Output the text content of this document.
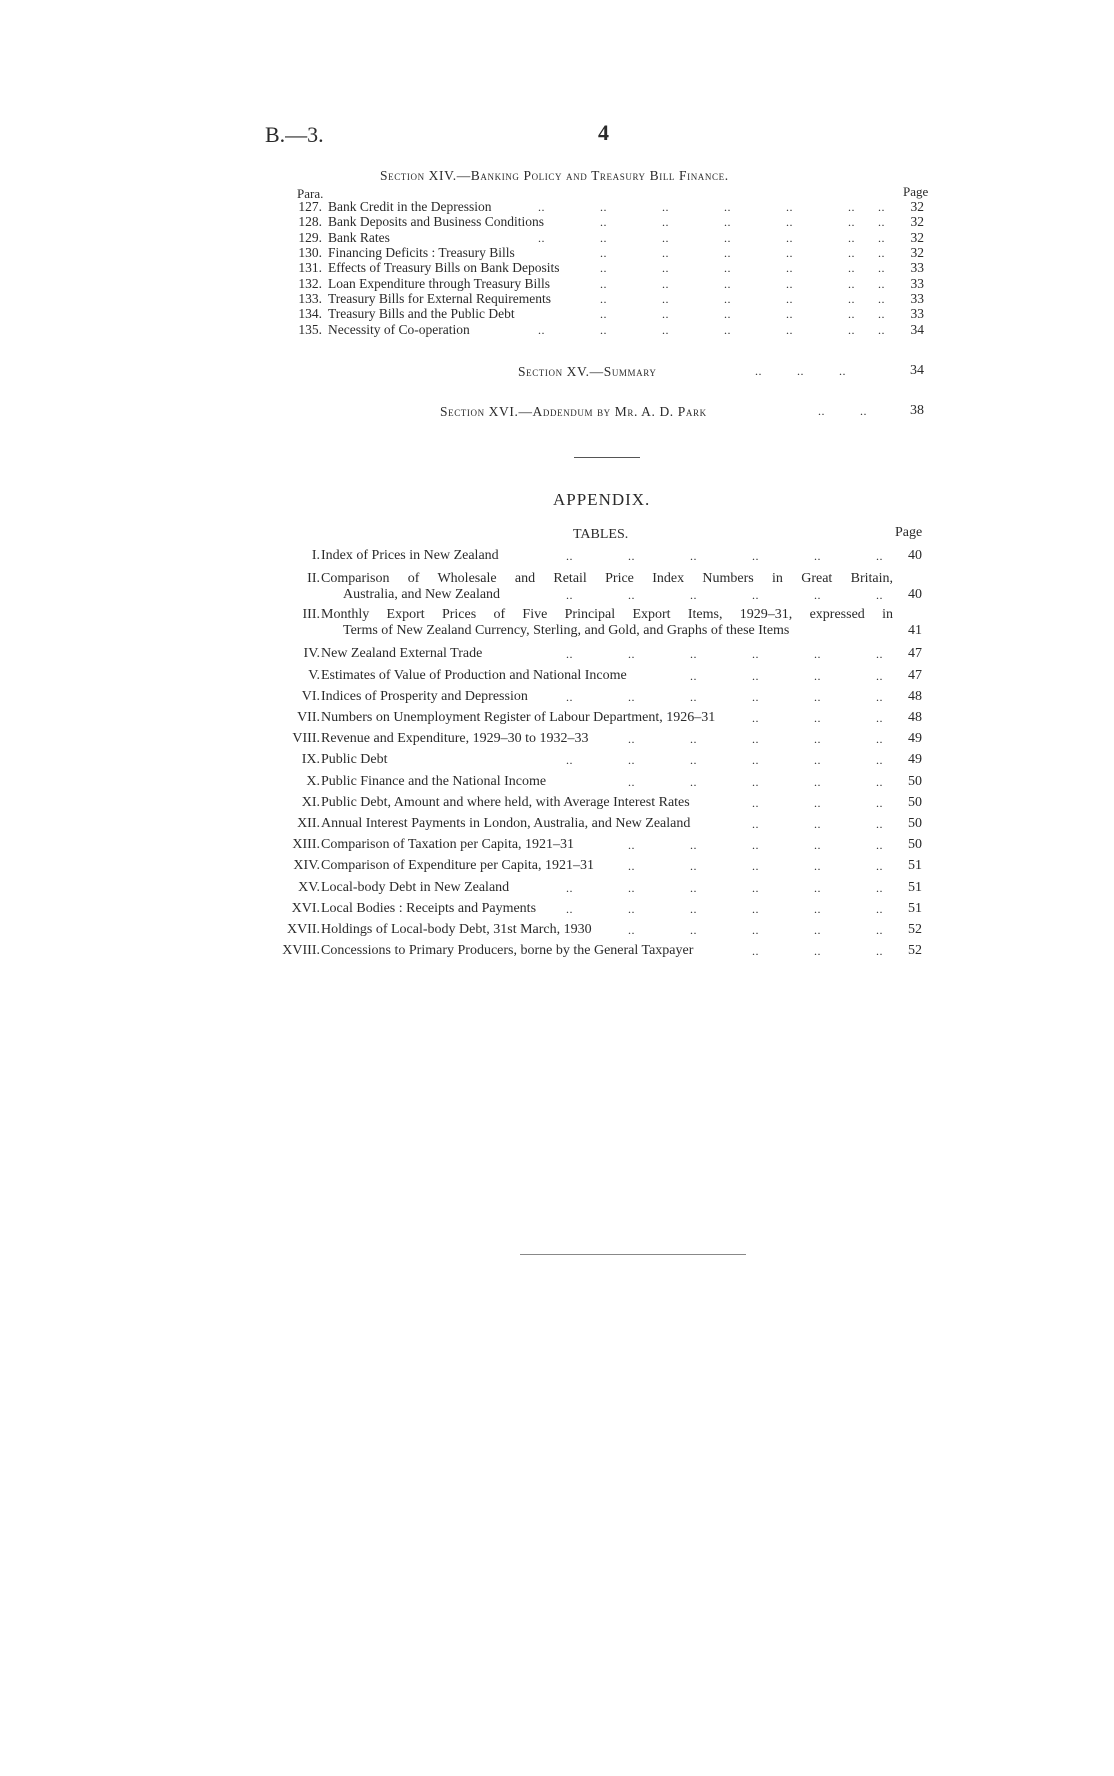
B.—3.	4
Section XIV.—Banking Policy and Treasury Bill Finance.
Para.	Page
127. Bank Credit in the Depression	..	..	..	..	..	.. ..	32
128. Bank Deposits and Business Conditions	..	..	..	..	.. ..	32
129. Bank Rates	..	..	..	..	..	.. ..	32
130. Financing Deficits : Treasury Bills	..	..	..	..	.. ..	32
131. Effects of Treasury Bills on Bank Deposits	..	..	..	..	.. ..	33
132. Loan Expenditure through Treasury Bills	..	..	..	..	.. ..	33
133. Treasury Bills for External Requirements	..	..	..	..	.. ..	33
134. Treasury Bills and the Public Debt	..	..	..	..	.. ..	33
135. Necessity of Co-operation	..	..	..	..	..	.. ..	34
Section XV.—Summary	..          ..          ..	34
Section XVI.—Addendum by Mr. A. D. Park	..          ..	38
APPENDIX.
TABLES.	Page
I. Index of Prices in New Zealand	..	..	..	..	..	..	40
II. Comparison of Wholesale and Retail Price Index Numbers in Great Britain,
Australia, and New Zealand	..	..	..	..	..	..	40
III. Monthly Export Prices of Five Principal Export Items, 1929–31, expressed in
Terms of New Zealand Currency, Sterling, and Gold, and Graphs of these Items	41
IV. New Zealand External Trade	..	..	..	..	..	..	47
V. Estimates of Value of Production and National Income	..	..	..	..	47
VI. Indices of Prosperity and Depression	..	..	..	..	..	..	48
VII. Numbers on Unemployment Register of Labour Department, 1926–31	..	..	..	48
VIII. Revenue and Expenditure, 1929–30 to 1932–33	..	..	..	..	..	49
IX. Public Debt	..	..	..	..	..	..	49
X. Public Finance and the National Income	..	..	..	..	..	50
XI. Public Debt, Amount and where held, with Average Interest Rates	..	..	..	50
XII. Annual Interest Payments in London, Australia, and New Zealand	..	..	..	50
XIII. Comparison of Taxation per Capita, 1921–31	..	..	..	..	..	50
XIV. Comparison of Expenditure per Capita, 1921–31	..	..	..	..	..	51
XV. Local-body Debt in New Zealand	..	..	..	..	..	..	51
XVI. Local Bodies : Receipts and Payments ..	..	..	..	..	..	51
XVII. Holdings of Local-body Debt, 31st March, 1930	..	..	..	..	..	52
XVIII. Concessions to Primary Producers, borne by the General Taxpayer	..	..	..	52
